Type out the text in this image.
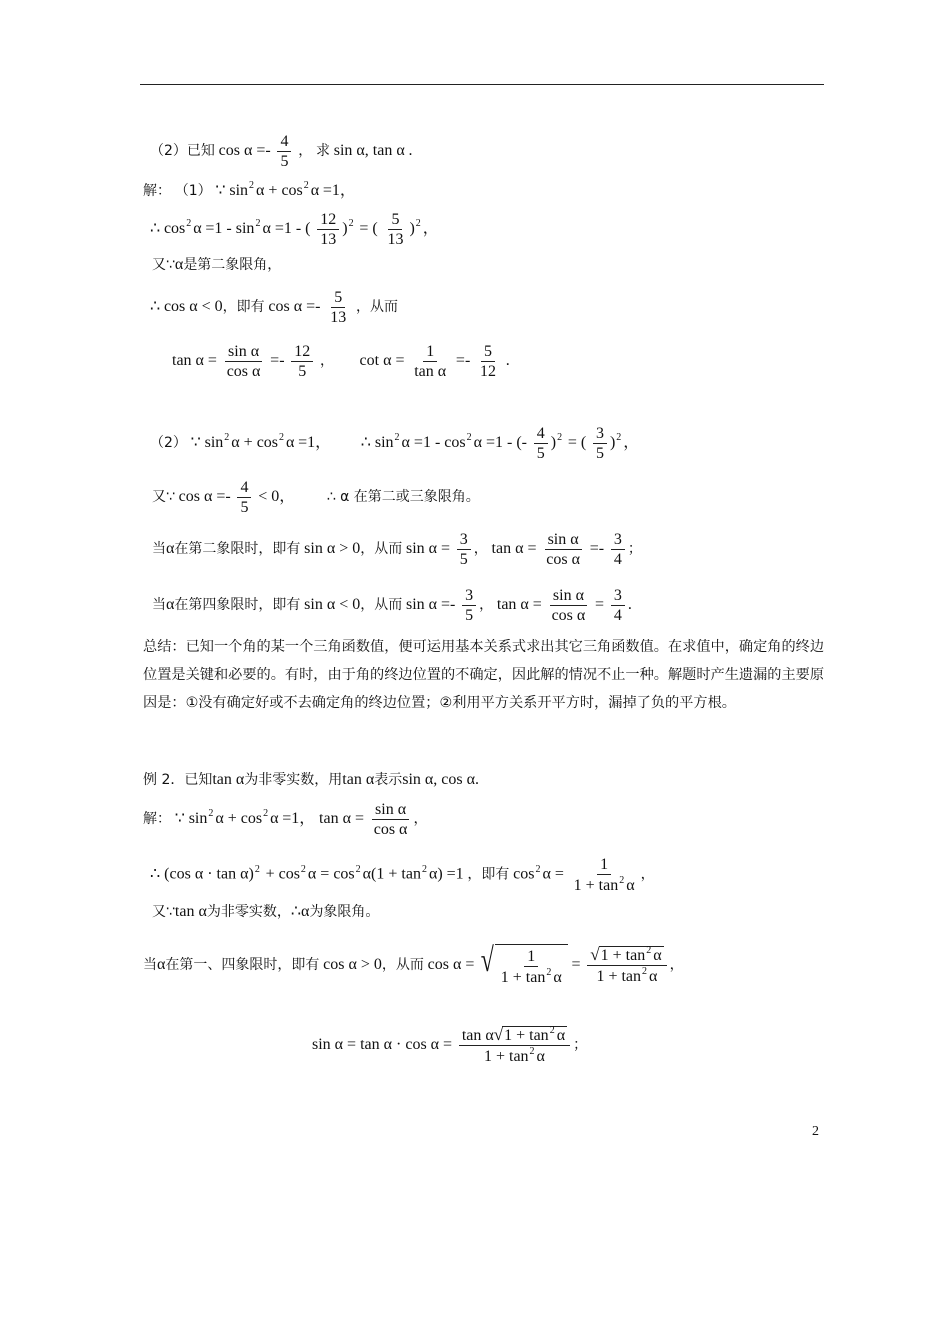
（2）已知 $\cos \alpha =- \frac{4}{5}$ ， 求 sin α, tan α .
解： （1） ∵ $\sin^2 \alpha + \cos^2 \alpha =1$，
∴ $\cos^2 \alpha =1 - \sin^2 \alpha =1$ - ( $\frac{12}{13} )^2$ = ( $\frac{5}{13} )^2$ ，
又∵α是第二象限角，
∴ cos α < 0，即有 $\cos \alpha =- \frac{5}{13}$ ，从而
$\tan \alpha = \frac{\text{sin α}}{\text{cos α}} =- \frac{12}{5}$ ， $\cot \alpha = \frac{1}{\text{tan α}} =- \frac{5}{12}$ .
（2） ∵ $\sin^2 \alpha + \cos^2 \alpha =1$， ∴ $\sin^2 \alpha =1 - \cos^2 \alpha =1$ - (- $\frac{4}{5} )^2$ = ( $\frac{3}{5} )^2$ ，
又∵ $\cos \alpha =- \frac{4}{5} < 0$， ∴ α 在第二或三象限角。
当α在第二象限时，即有 sin α > 0，从而 $\sin \alpha = \frac{3}{5}$ ， $\tan \alpha = \frac{\text{sin α}}{\text{cos α}} =- \frac{3}{4}$ ；
当α在第四象限时，即有 sin α < 0，从而 $\sin \alpha =- \frac{3}{5}$ ， $\tan \alpha = \frac{\text{sin α}}{\text{cos α}} = \frac{3}{4}$ .
总结：已知一个角的某一个三角函数值，便可运用基本关系式求出其它三角函数值。在求值中，确定角的终边位置是关键和必要的。有时，由于角的终边位置的不确定，因此解的情况不止一种。解题时产生遗漏的主要原因是：①没有确定好或不去确定角的终边位置；②利用平方关系开平方时，漏掉了负的平方根。
例 2．已知tan α为非零实数，用tan α表示sin α, cos α.
解： ∵ $\sin^2 \alpha + \cos^2 \alpha =1$， $\tan \alpha = \frac{\text{sin α}}{\text{cos α}}$ ，
∴ (cos $\alpha \cdot \tan \alpha)^2 + \cos^2 \alpha = \cos^2 \alpha(1 + \tan^2 \alpha) =1$ ，即有 $\cos^2 \alpha = \frac{1}{1 + \tan^2 \alpha}$ ，
又∵tan α为非零实数，∴α为象限角。
当α在第一、四象限时，即有 cos α > 0，从而 cos α = √ 1
$1 + \tan^2 \alpha$
= $\frac{√1 + \tan^2 \alpha}{1 + \tan^2 \alpha}$ ，
$\sin \alpha = \tan \alpha \cdot \cos \alpha = \frac{\tan \alpha√1 + \tan^2 \alpha}{1 + \tan^2 \alpha}$ ；
2
